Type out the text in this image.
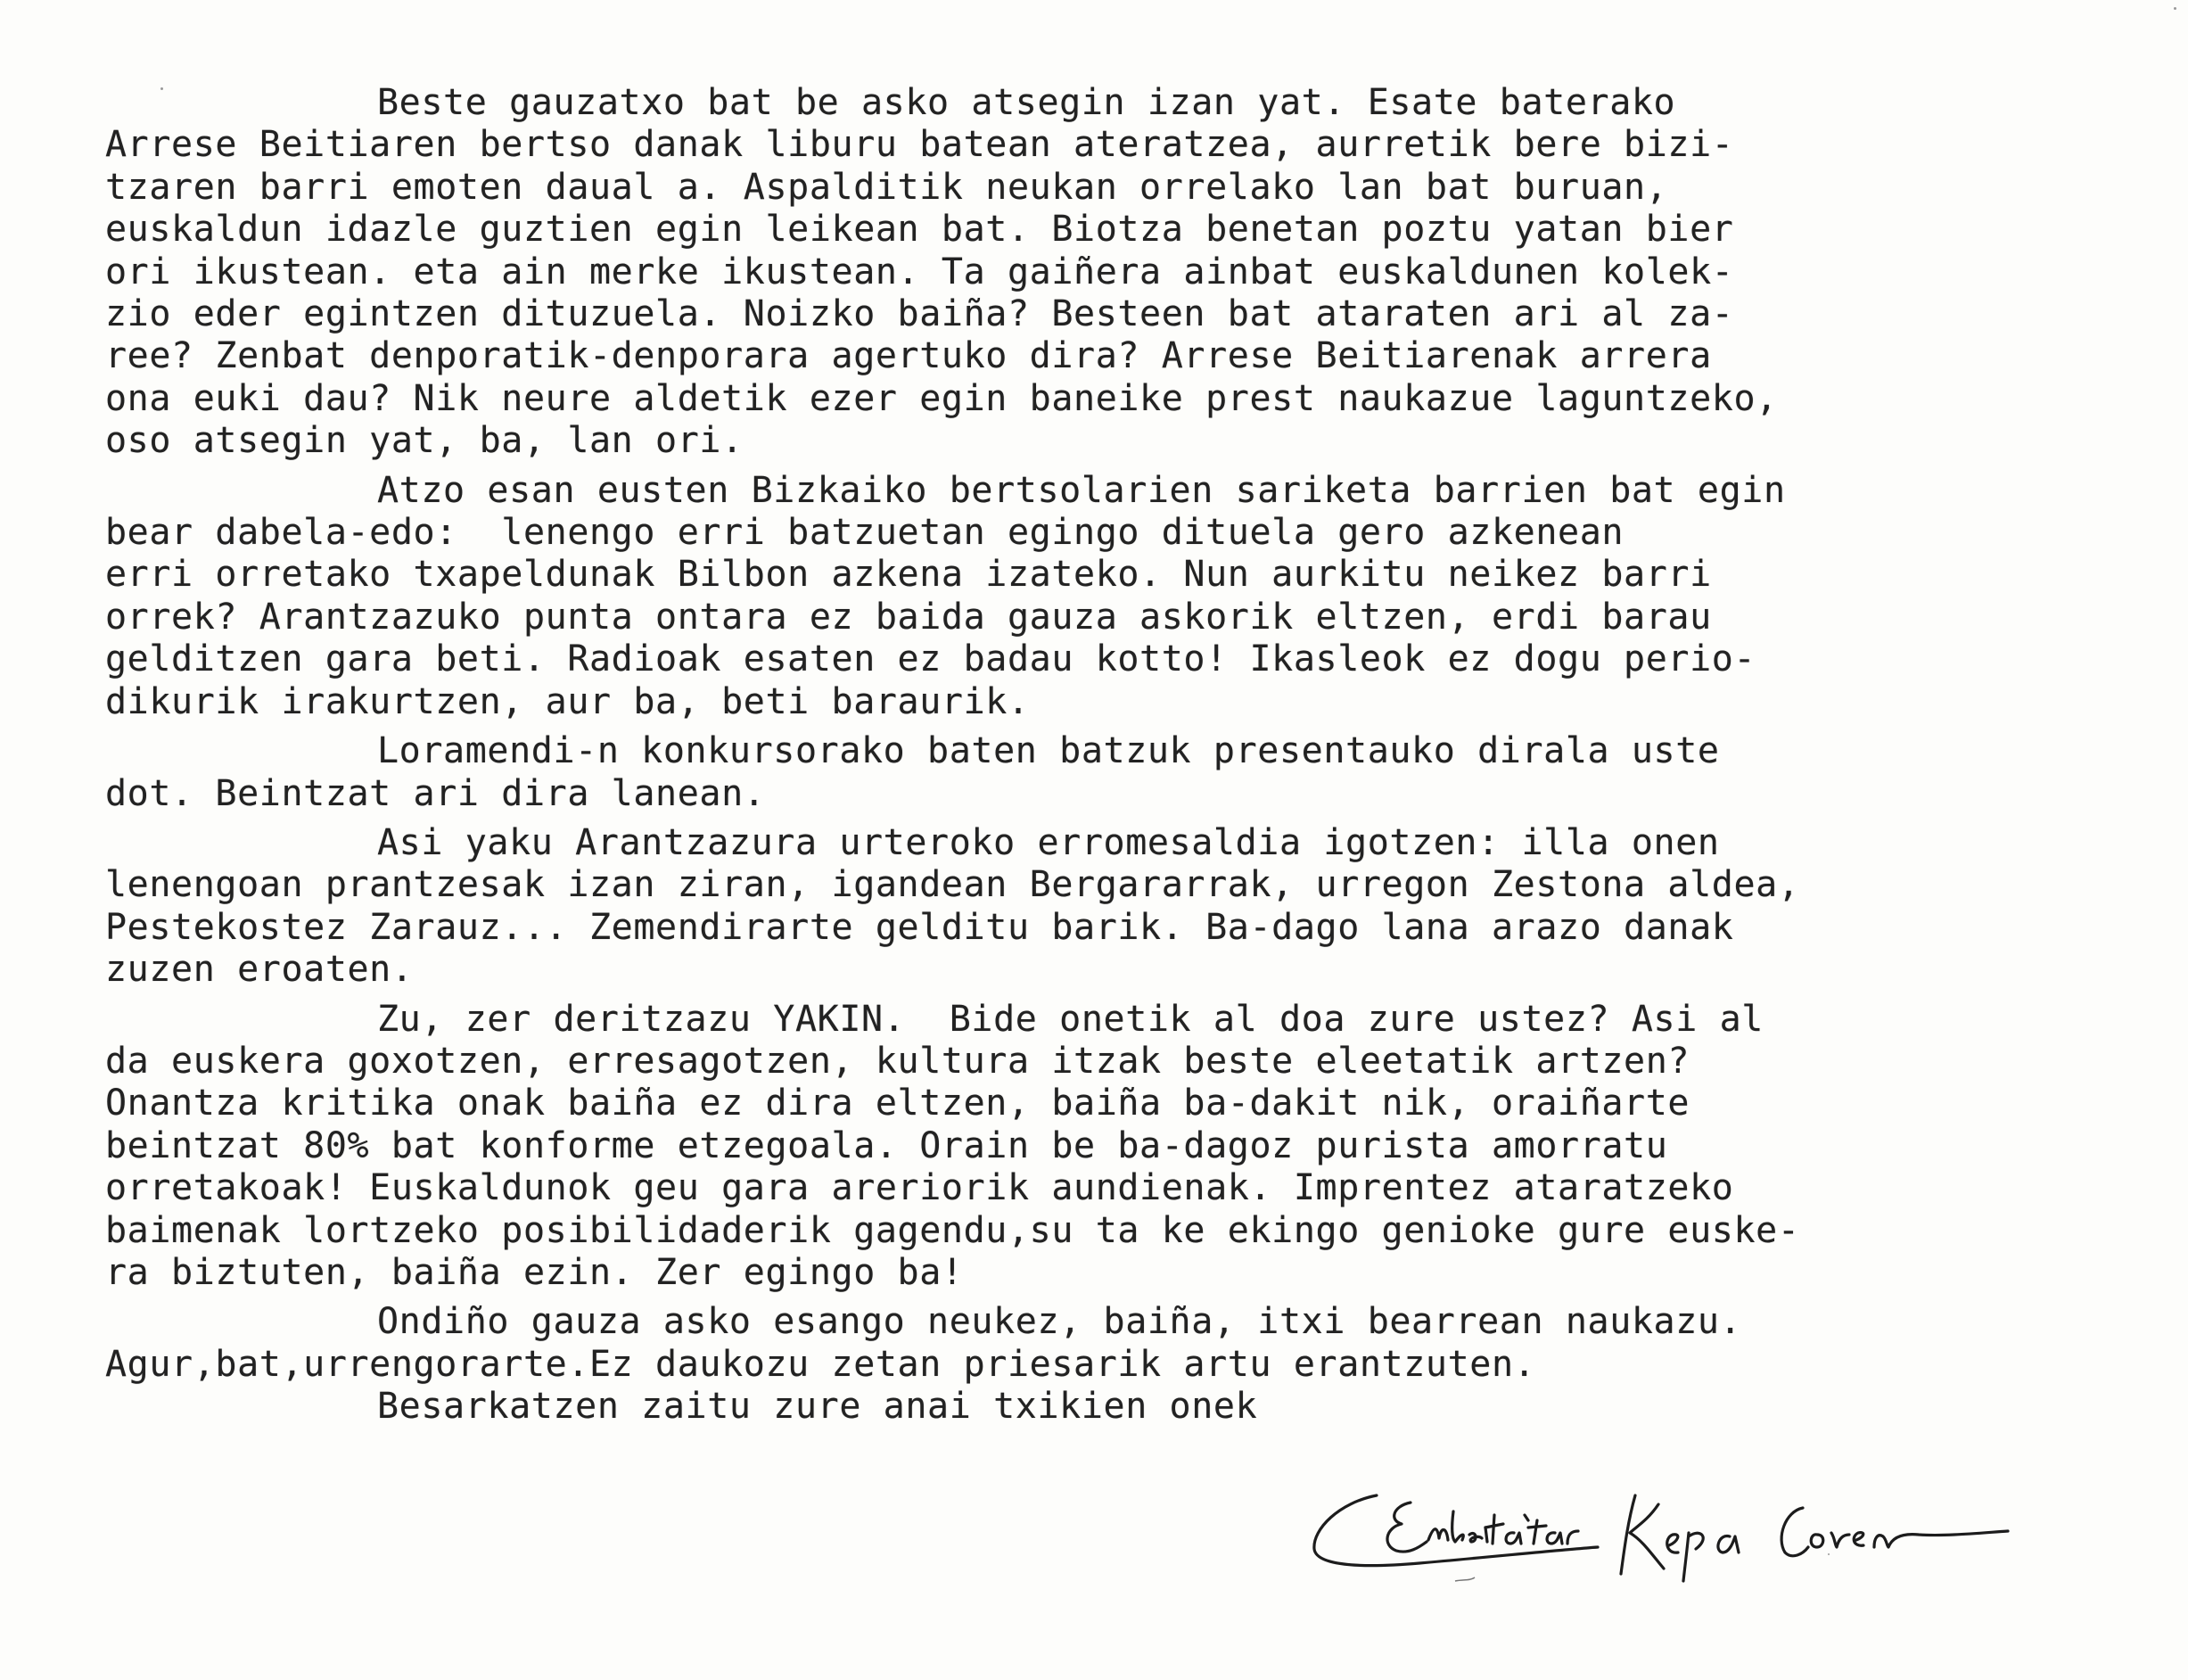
Beste gauzatxo bat be asko atsegin izan yat. Esate baterako
Arrese Beitiaren bertso danak liburu batean ateratzea, aurretik bere bizi-
tzaren barri emoten daual a. Aspalditik neukan orrelako lan bat buruan,
euskaldun idazle guztien egin leikean bat. Biotza benetan poztu yatan bier
ori ikustean. eta ain merke ikustean. Ta gaiñera ainbat euskaldunen kolek-
zio eder egintzen dituzuela. Noizko baiña? Besteen bat ataraten ari al za-
ree? Zenbat denporatik-denporara agertuko dira? Arrese Beitiarenak arrera
ona euki dau? Nik neure aldetik ezer egin baneike prest naukazue laguntzeko,
oso atsegin yat, ba, lan ori.
Atzo esan eusten Bizkaiko bertsolarien sariketa barrien bat egin
bear dabela-edo:  lenengo erri batzuetan egingo dituela gero azkenean
erri orretako txapeldunak Bilbon azkena izateko. Nun aurkitu neikez barri
orrek? Arantzazuko punta ontara ez baida gauza askorik eltzen, erdi barau
gelditzen gara beti. Radioak esaten ez badau kotto! Ikasleok ez dogu perio-
dikurik irakurtzen, aur ba, beti baraurik.
Loramendi-n konkursorako baten batzuk presentauko dirala uste
dot. Beintzat ari dira lanean.
Asi yaku Arantzazura urteroko erromesaldia igotzen: illa onen
lenengoan prantzesak izan ziran, igandean Bergararrak, urregon Zestona aldea,
Pestekostez Zarauz... Zemendirarte gelditu barik. Ba-dago lana arazo danak
zuzen eroaten.
Zu, zer deritzazu YAKIN.  Bide onetik al doa zure ustez? Asi al
da euskera goxotzen, erresagotzen, kultura itzak beste eleetatik artzen?
Onantza kritika onak baiña ez dira eltzen, baiña ba-dakit nik, oraiñarte
beintzat 80% bat konforme etzegoala. Orain be ba-dagoz purista amorratu
orretakoak! Euskaldunok geu gara areriorik aundienak. Imprentez ataratzeko
baimenak lortzeko posibilidaderik gagendu,su ta ke ekingo genioke gure euske-
ra biztuten, baiña ezin. Zer egingo ba!
Ondiño gauza asko esango neukez, baiña, itxi bearrean naukazu.
Agur,bat,urrengorarte.Ez daukozu zetan priesarik artu erantzuten.
Besarkatzen zaitu zure anai txikien onek
